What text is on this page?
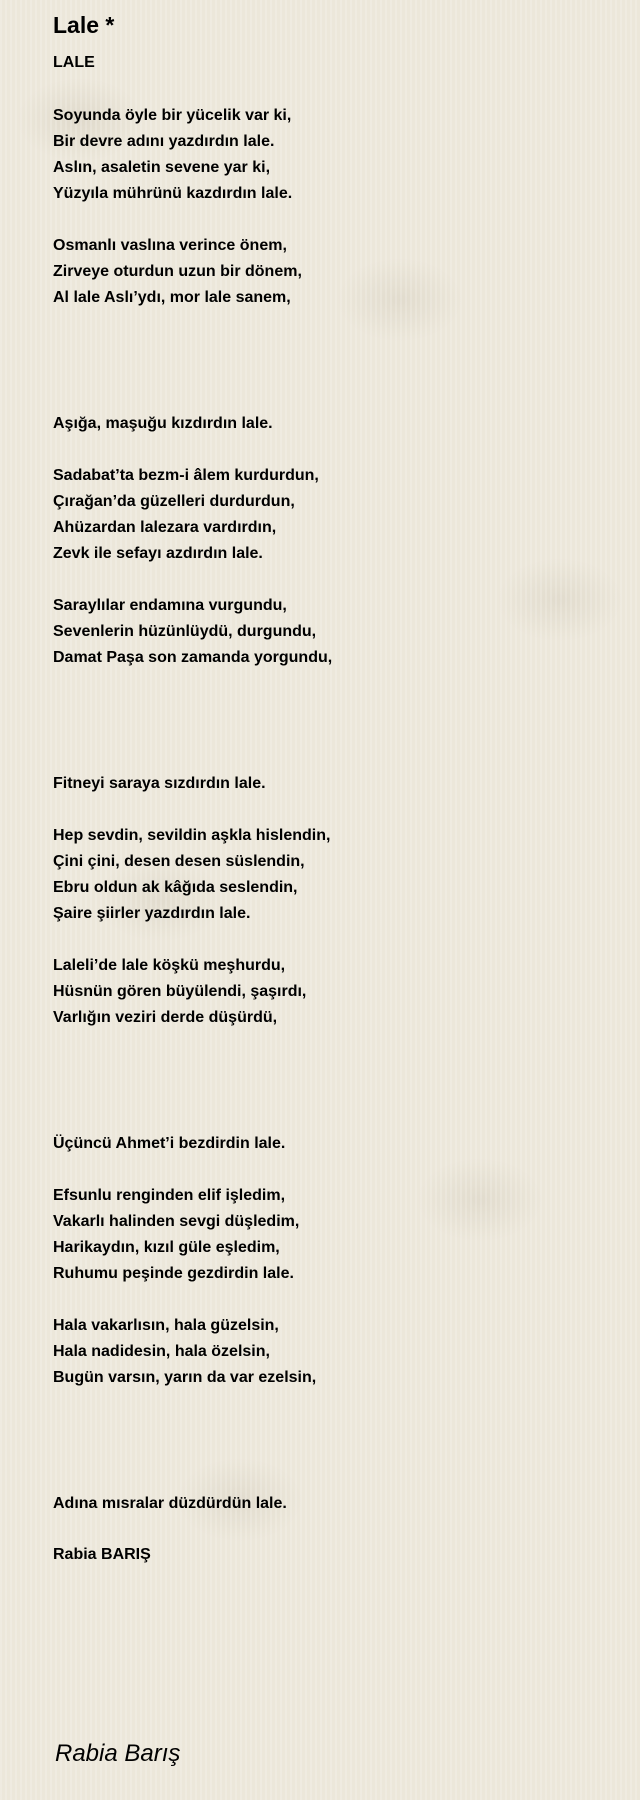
Lale *
LALE
Soyunda öyle bir yücelik var ki,
Bir devre adını yazdırdın lale.
Aslın, asaletin sevene yar ki,
Yüzyıla mührünü kazdırdın lale.
Osmanlı vaslına verince önem,
Zirveye oturdun uzun bir dönem,
Al lale Aslı’ydı, mor lale sanem,
Aşığa, maşuğu kızdırdın lale.
Sadabat’ta bezm-i âlem kurdurdun,
Çırağan’da güzelleri durdurdun,
Ahüzardan lalezara vardırdın,
Zevk ile sefayı azdırdın lale.
Saraylılar endamına vurgundu,
Sevenlerin hüzünlüydü, durgundu,
Damat Paşa son zamanda yorgundu,
Fitneyi saraya sızdırdın lale.
Hep sevdin, sevildin aşkla hislendin,
Çini çini, desen desen süslendin,
Ebru oldun ak kâğıda seslendin,
Şaire şiirler yazdırdın lale.
Laleli’de lale köşkü meşhurdu,
Hüsnün gören büyülendi, şaşırdı,
Varlığın veziri derde düşürdü,
Üçüncü Ahmet’i bezdirdin lale.
Efsunlu renginden elif işledim,
Vakarlı halinden sevgi düşledim,
Harikaydın, kızıl güle eşledim,
Ruhumu peşinde gezdirdin lale.
Hala vakarlısın, hala güzelsin,
Hala nadidesin, hala özelsin,
Bugün varsın, yarın da var ezelsin,
Adına mısralar düzdürdün lale.
Rabia BARIŞ
Rabia Barış
